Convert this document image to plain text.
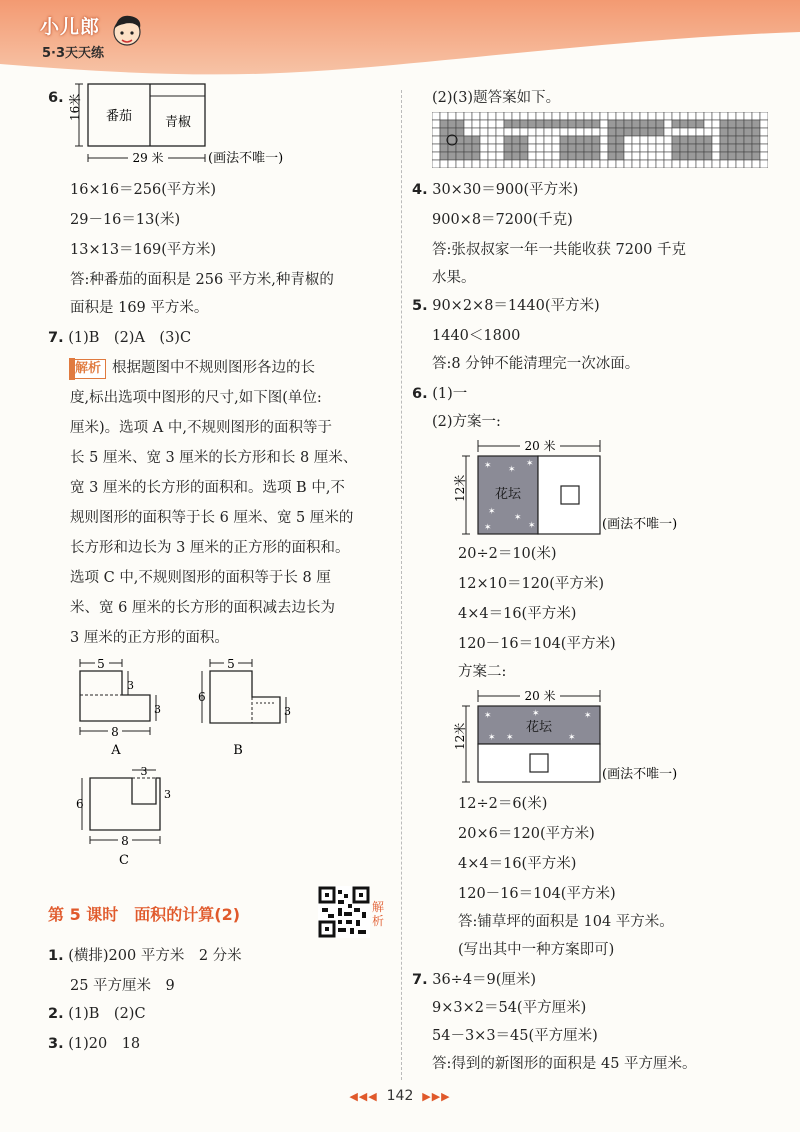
小儿郎
5·3天天练
6.
番茄	青椒
16米
29 米	(画法不唯一)
16×16＝256(平方米)
29－16＝13(米)
13×13＝169(平方米)
答:种番茄的面积是 256 平方米,种青椒的
面积是 169 平方米。
7. (1)B　(2)A　(3)C
解析 根据题图中不规则图形各边的长
度,标出选项中图形的尺寸,如下图(单位:
厘米)。选项 A 中,不规则图形的面积等于
长 5 厘米、宽 3 厘米的长方形和长 8 厘米、
宽 3 厘米的长方形的面积和。选项 B 中,不
规则图形的面积等于长 6 厘米、宽 5 厘米的
长方形和边长为 3 厘米的正方形的面积和。
选项 C 中,不规则图形的面积等于长 8 厘
米、宽 6 厘米的长方形的面积减去边长为
3 厘米的正方形的面积。
5
3
3
8
A
5
6
3
B
3
6
3
8
C
第 5 课时　面积的计算(2)	解析
1. (横排)200 平方米　2 分米
25 平方厘米　9
2. (1)B　(2)C
3. (1)20　18
(2)(3)题答案如下。
4. 30×30＝900(平方米)
900×8＝7200(千克)
答:张叔叔家一年一共能收获 7200 千克
水果。
5. 90×2×8＝1440(平方米)
1440＜1800
答:8 分钟不能清理完一次冰面。
6. (1)一
(2)方案一:
20 米
12米
✶ ✶
✶
✶
✶
✶
✶
花坛
(画法不唯一)
20÷2＝10(米)
12×10＝120(平方米)
4×4＝16(平方米)
120－16＝104(平方米)
方案二:
20 米
12米
✶
✶
✶
✶
✶
✶
花坛
(画法不唯一)
12÷2＝6(米)
20×6＝120(平方米)
4×4＝16(平方米)
120－16＝104(平方米)
答:铺草坪的面积是 104 平方米。
(写出其中一种方案即可)
7. 36÷4＝9(厘米)
9×3×2＝54(平方厘米)
54－3×3＝45(平方厘米)
答:得到的新图形的面积是 45 平方厘米。
◀◀◀ 142 ▶▶▶
